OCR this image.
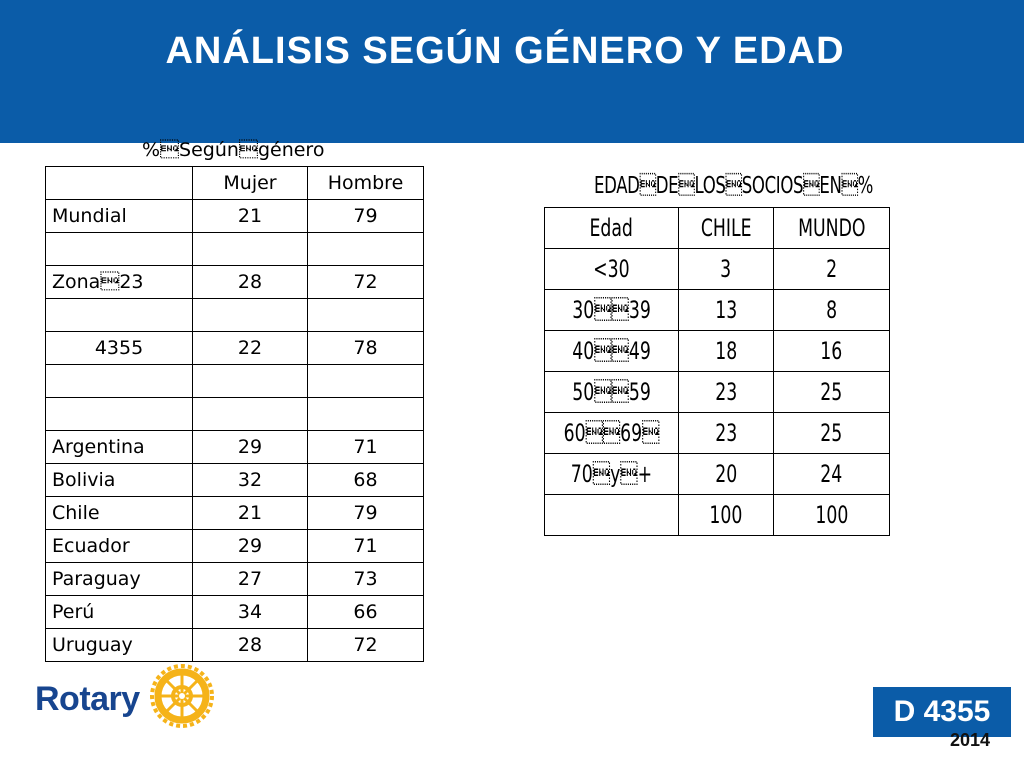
ANÁLISIS SEGÚN GÉNERO Y EDAD
%Segúngénero
	Mujer	Hombre
Mundial	21	79

Zona23	28	72

4355	22	78

Argentina	29	71
Bolivia	32	68
Chile	21	79
Ecuador	29	71
Paraguay	27	73
Perú	34	66
Uruguay	28	72
EDADDELOSSOCIOSEN%
Edad	CHILE	MUNDO
<30	3	2
3039	13	8
4049	18	16
5059	23	25
6069	23	25
70y+	20	24
	100	100
Rotary	D 4355
2014
